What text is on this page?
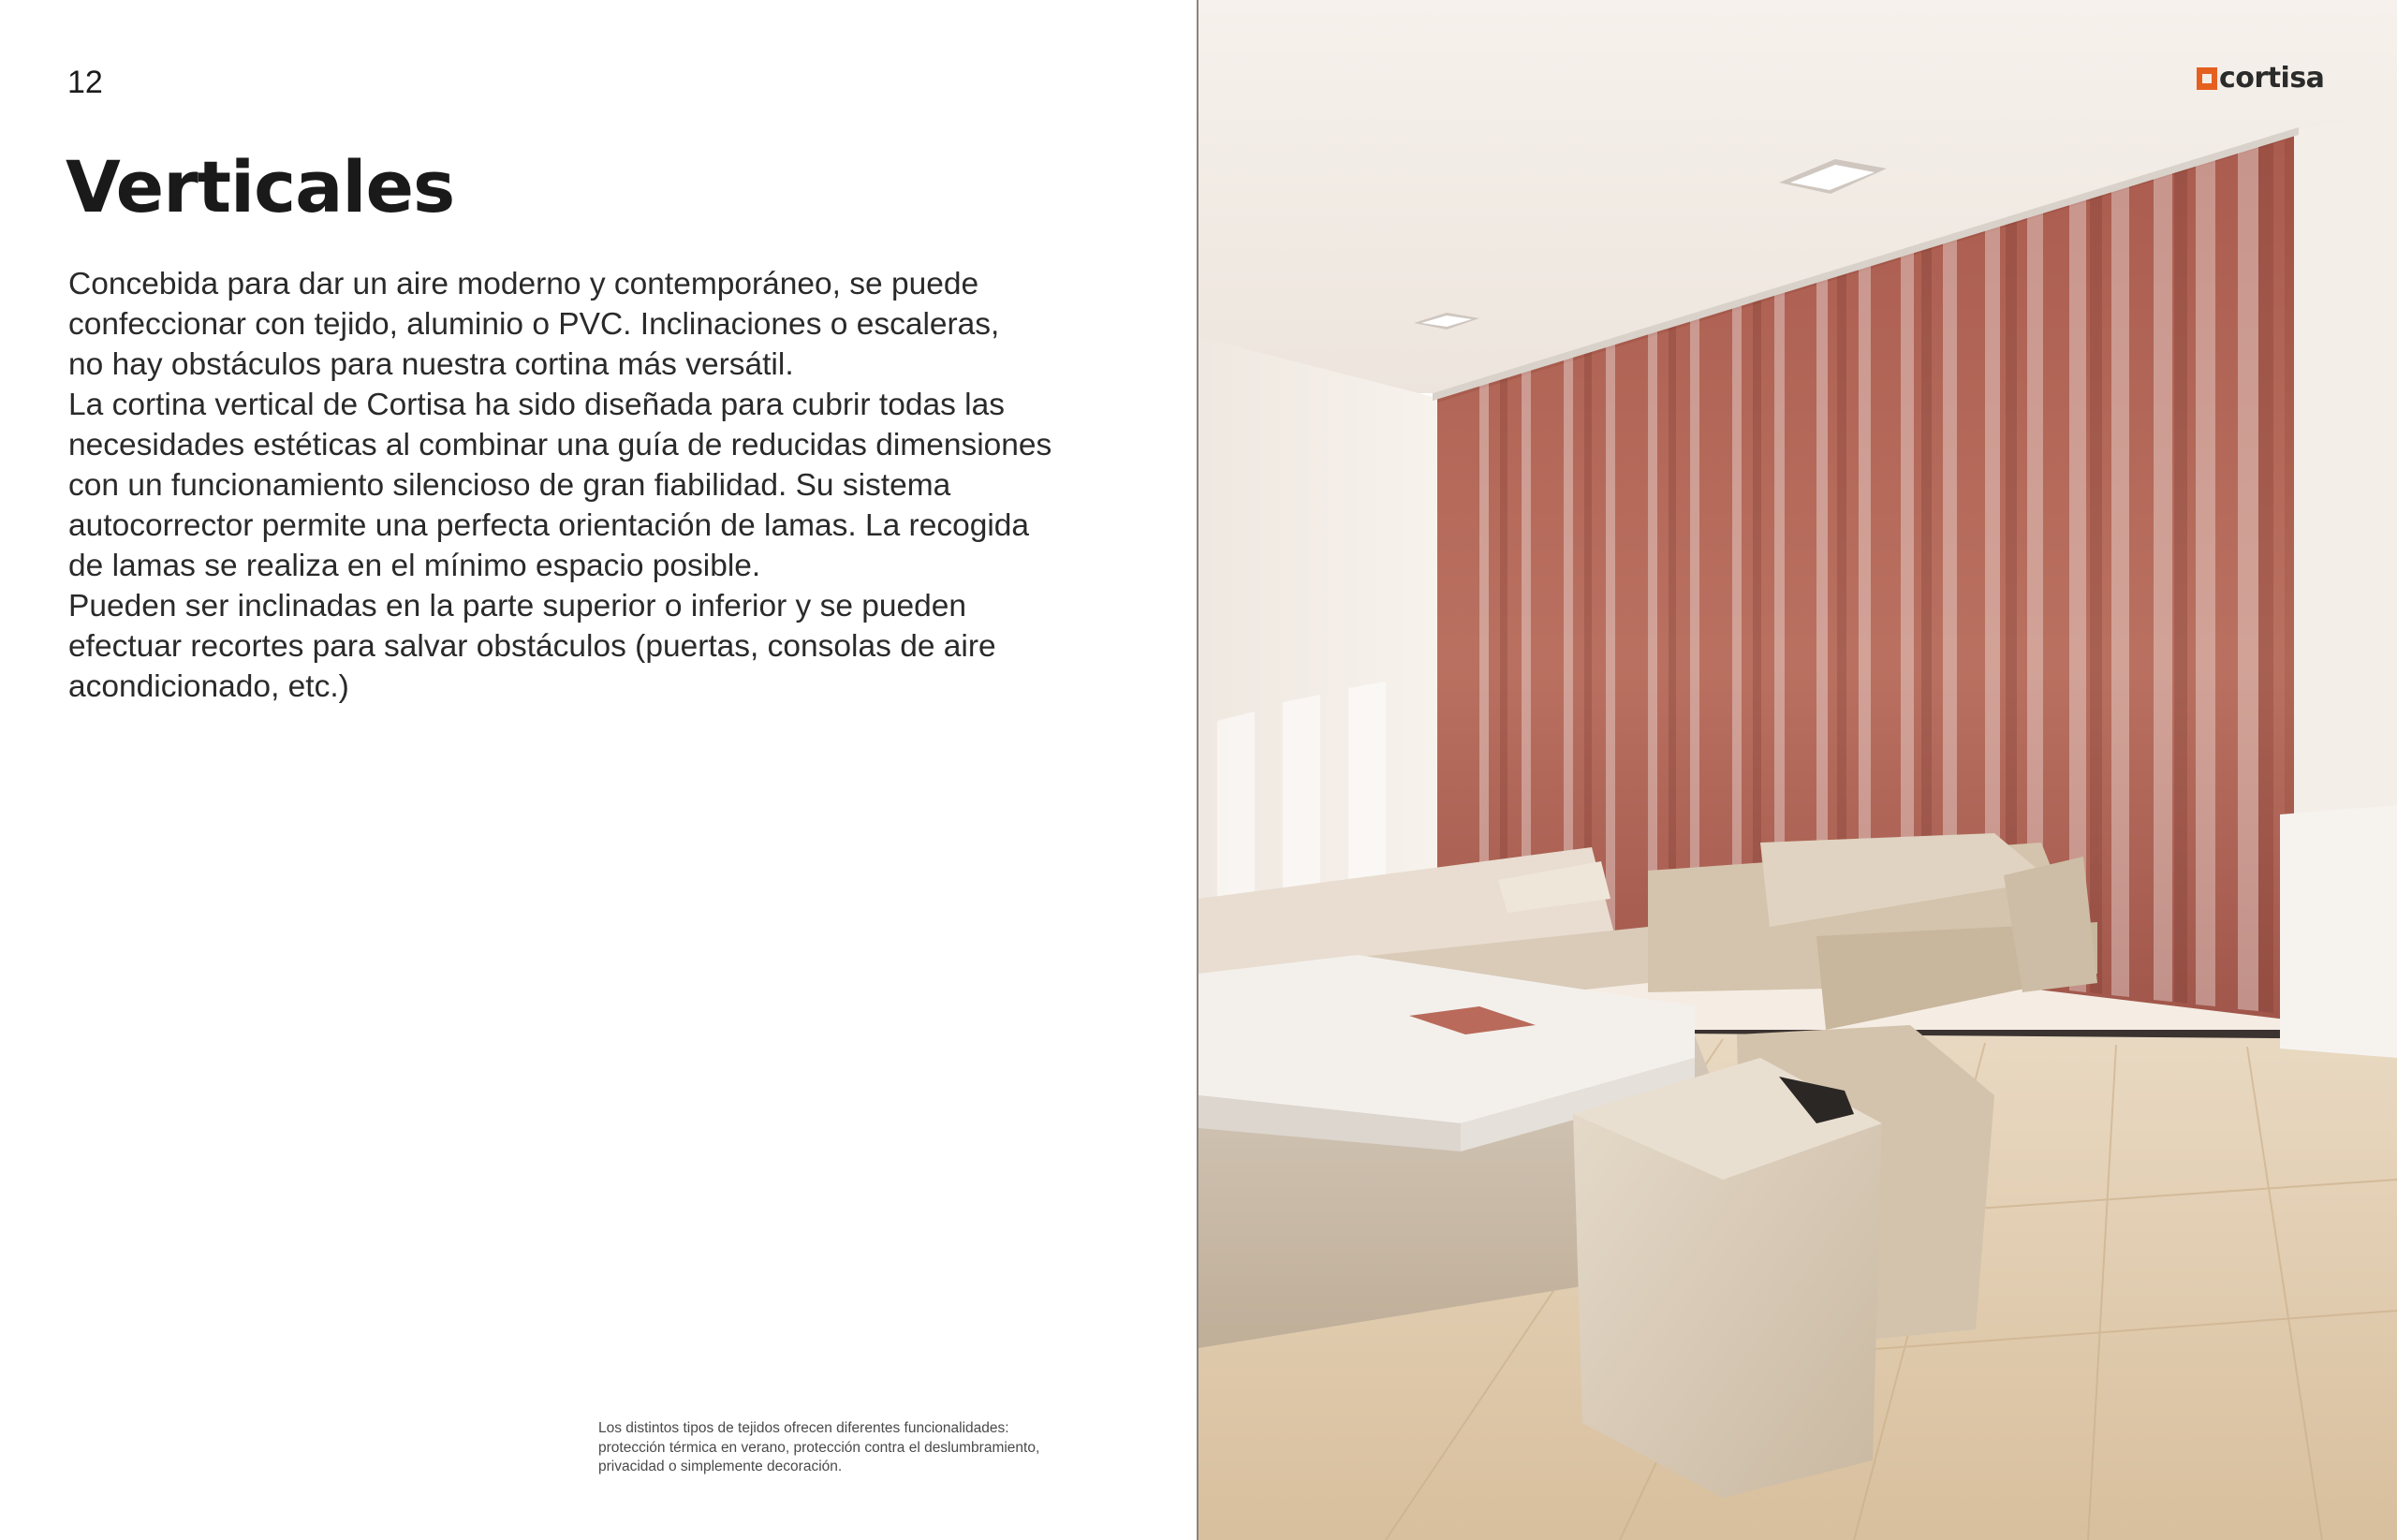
12
Verticales

Concebida para dar un aire moderno y contemporáneo, se puede

confeccionar con tejido, aluminio o PVC. Inclinaciones o escaleras,

no hay obstáculos para nuestra cortina más versátil.

La cortina vertical de Cortisa ha sido diseñada para cubrir todas las

necesidades estéticas al combinar una guía de reducidas dimensiones

con un funcionamiento silencioso de gran fiabilidad. Su sistema

autocorrector permite una perfecta orientación de lamas. La recogida

de lamas se realiza en el mínimo espacio posible.

Pueden ser inclinadas en la parte superior o inferior y se pueden

efectuar recortes para salvar obstáculos (puertas, consolas de aire

acondicionado, etc.)

Los distintos tipos de tejidos ofrecen diferentes funcionalidades:

protección térmica en verano, protección contra el deslumbramiento,

privacidad o simplemente decoración.

cortisa
